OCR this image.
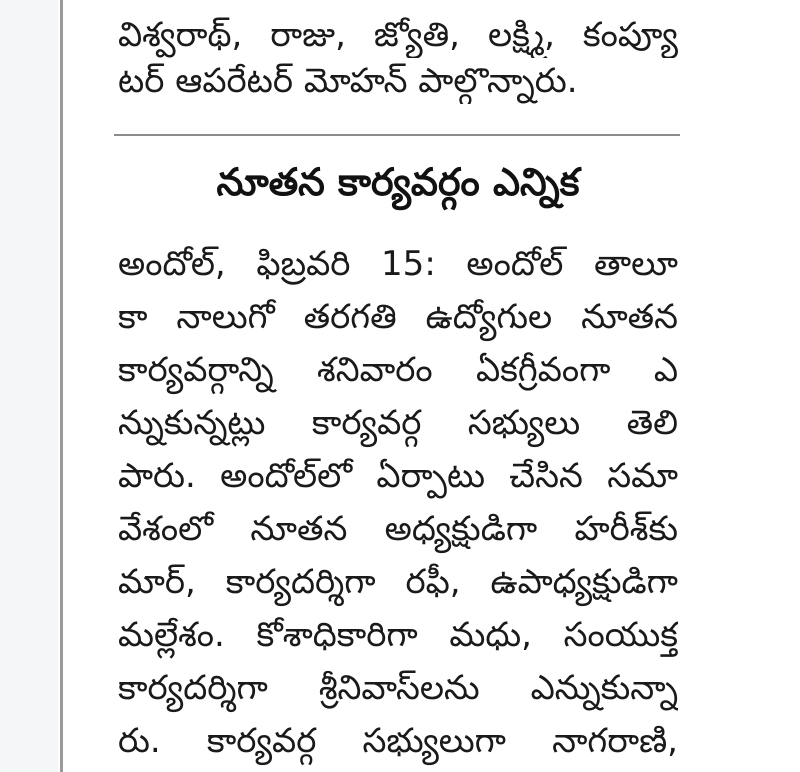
విశ్వరాథ్, రాజు, జ్యోతి, లక్ష్మి, కంప్యూ
టర్ ఆపరేటర్ మోహన్ పాల్గొన్నారు.
నూతన కార్యవర్గం ఎన్నిక
అందోల్, ఫిబ్రవరి 15: అందోల్ తాలూ
కా నాలుగో తరగతి ఉద్యోగుల నూతన
కార్యవర్గాన్ని శనివారం ఏకగ్రీవంగా ఎ
న్నుకున్నట్లు కార్యవర్గ సభ్యులు తెలి
పారు. అందోల్‌లో ఏర్పాటు చేసిన సమా
వేశంలో నూతన అధ్యక్షుడిగా హరీశ్‌కు
మార్, కార్యదర్శిగా రఫీ, ఉపాధ్యక్షుడిగా
మల్లేశం. కోశాధికారిగా మధు, సంయుక్త
కార్యదర్శిగా శ్రీనివాస్‌లను ఎన్నుకున్నా
రు. కార్యవర్గ సభ్యులుగా నాగరాణి,
